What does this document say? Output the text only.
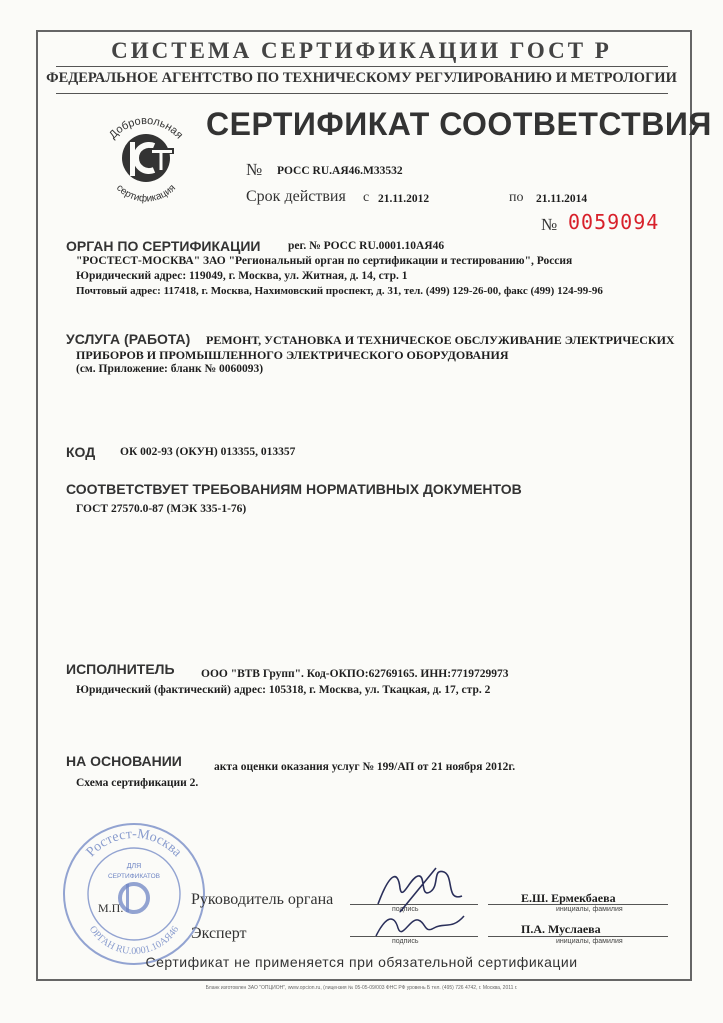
СИСТЕМА СЕРТИФИКАЦИИ ГОСТ Р
ФЕДЕРАЛЬНОЕ АГЕНТСТВО ПО ТЕХНИЧЕСКОМУ РЕГУЛИРОВАНИЮ И МЕТРОЛОГИИ
Добровольная
сертификация
СЕРТИФИКАТ СООТВЕТСТВИЯ
№ РОСС RU.АЯ46.М33532
Срок действия с 21.11.2012	по 21.11.2014
№ 0059094
ОРГАН ПО СЕРТИФИКАЦИИ рег. № РОСС RU.0001.10АЯ46
"РОСТЕСТ-МОСКВА" ЗАО "Региональный орган по сертификации и тестированию", Россия
Юридический адрес: 119049, г. Москва, ул. Житная, д. 14, стр. 1
Почтовый адрес: 117418, г. Москва, Нахимовский проспект, д. 31, тел. (499) 129-26-00, факс (499) 124-99-96
УСЛУГА (РАБОТА) РЕМОНТ, УСТАНОВКА И ТЕХНИЧЕСКОЕ ОБСЛУЖИВАНИЕ ЭЛЕКТРИЧЕСКИХ
ПРИБОРОВ И ПРОМЫШЛЕННОГО ЭЛЕКТРИЧЕСКОГО ОБОРУДОВАНИЯ
(см. Приложение: бланк № 0060093)
КОД ОК 002-93 (ОКУН) 013355, 013357
СООТВЕТСТВУЕТ ТРЕБОВАНИЯМ НОРМАТИВНЫХ ДОКУМЕНТОВ
ГОСТ 27570.0-87 (МЭК 335-1-76)
ИСПОЛНИТЕЛЬ ООО "ВТВ Групп". Код-ОКПО:62769165. ИНН:7719729973
Юридический (фактический) адрес: 105318, г. Москва, ул. Ткацкая, д. 17, стр. 2
НА ОСНОВАНИИ	акта оценки оказания услуг № 199/АП от 21 ноября 2012г.
Схема сертификации 2.
Ростест-Москва
ОРГАН RU.0001.10АЯ46
ДЛЯ
СЕРТИФИКАТОВ
Руководитель органа
подпись
Е.Ш. Ермекбаева
инициалы, фамилия
М.П.
Эксперт	подпись
П.А. Муслаева
инициалы, фамилия
Сертификат не применяется при обязательной сертификации
Бланк изготовлен ЗАО "ОПЦИОН", www.opcion.ru, (лицензия № 05-05-09/003 ФНС РФ уровень Б тел. (495) 726 4742, г. Москва, 2011 г.
